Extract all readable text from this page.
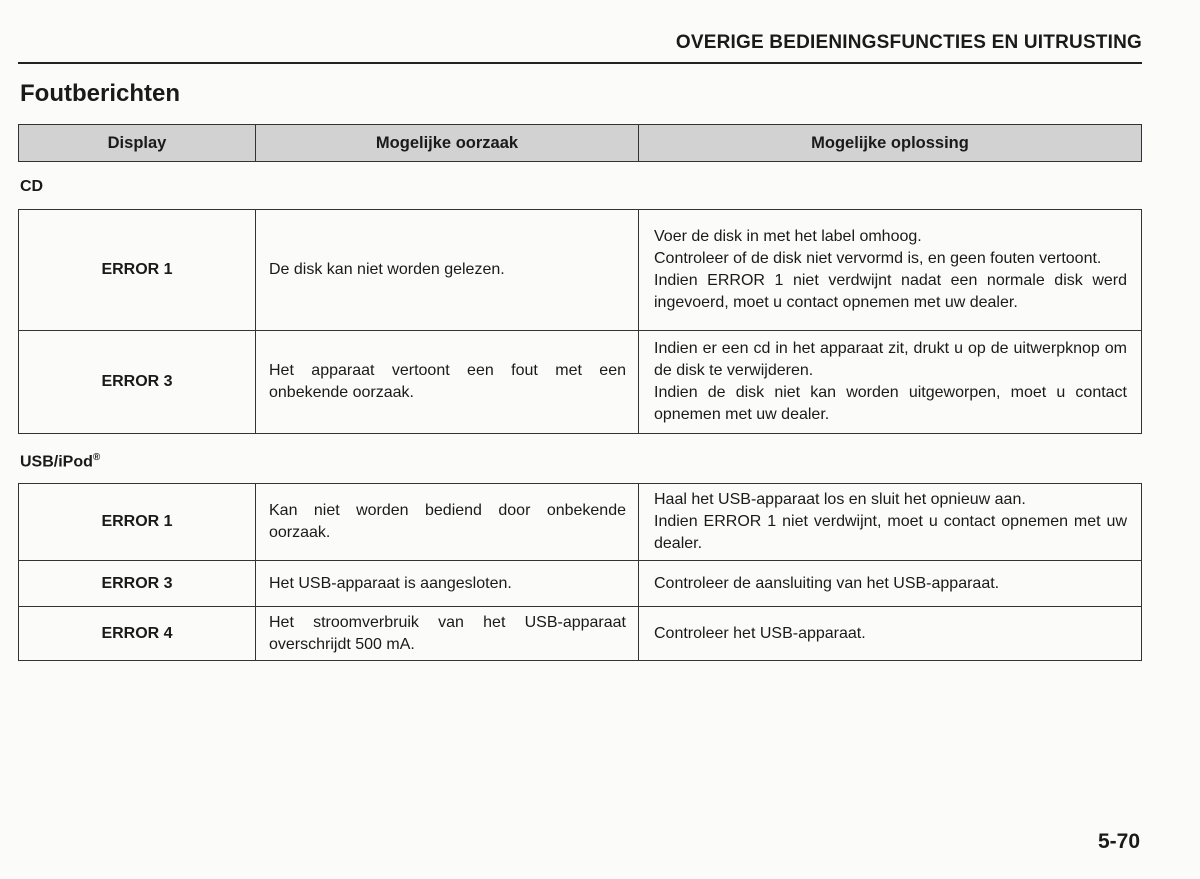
OVERIGE BEDIENINGSFUNCTIES EN UITRUSTING
Foutberichten
Display	Mogelijke oorzaak	Mogelijke oplossing
CD
ERROR 1	De disk kan niet worden gelezen.	Voer de disk in met het label omhoog.
Controleer of de disk niet vervormd is, en geen fouten vertoont.
Indien ERROR 1 niet verdwijnt nadat een normale disk werd ingevoerd, moet u contact opnemen met uw dealer.

ERROR 3	Het apparaat vertoont een fout met een onbekende oorzaak.	Indien er een cd in het apparaat zit, drukt u op de uitwerpknop om de disk te verwijderen.
Indien de disk niet kan worden uitgeworpen, moet u contact opnemen met uw dealer.
USB/iPod®
ERROR 1	Kan niet worden bediend door onbekende oorzaak.	Haal het USB-apparaat los en sluit het opnieuw aan.
Indien ERROR 1 niet verdwijnt, moet u contact opnemen met uw dealer.

ERROR 3	Het USB-apparaat is aangesloten.	Controleer de aansluiting van het USB-apparaat.

ERROR 4	Het stroomverbruik van het USB-apparaat overschrijdt 500 mA.	Controleer het USB-apparaat.
5-70
